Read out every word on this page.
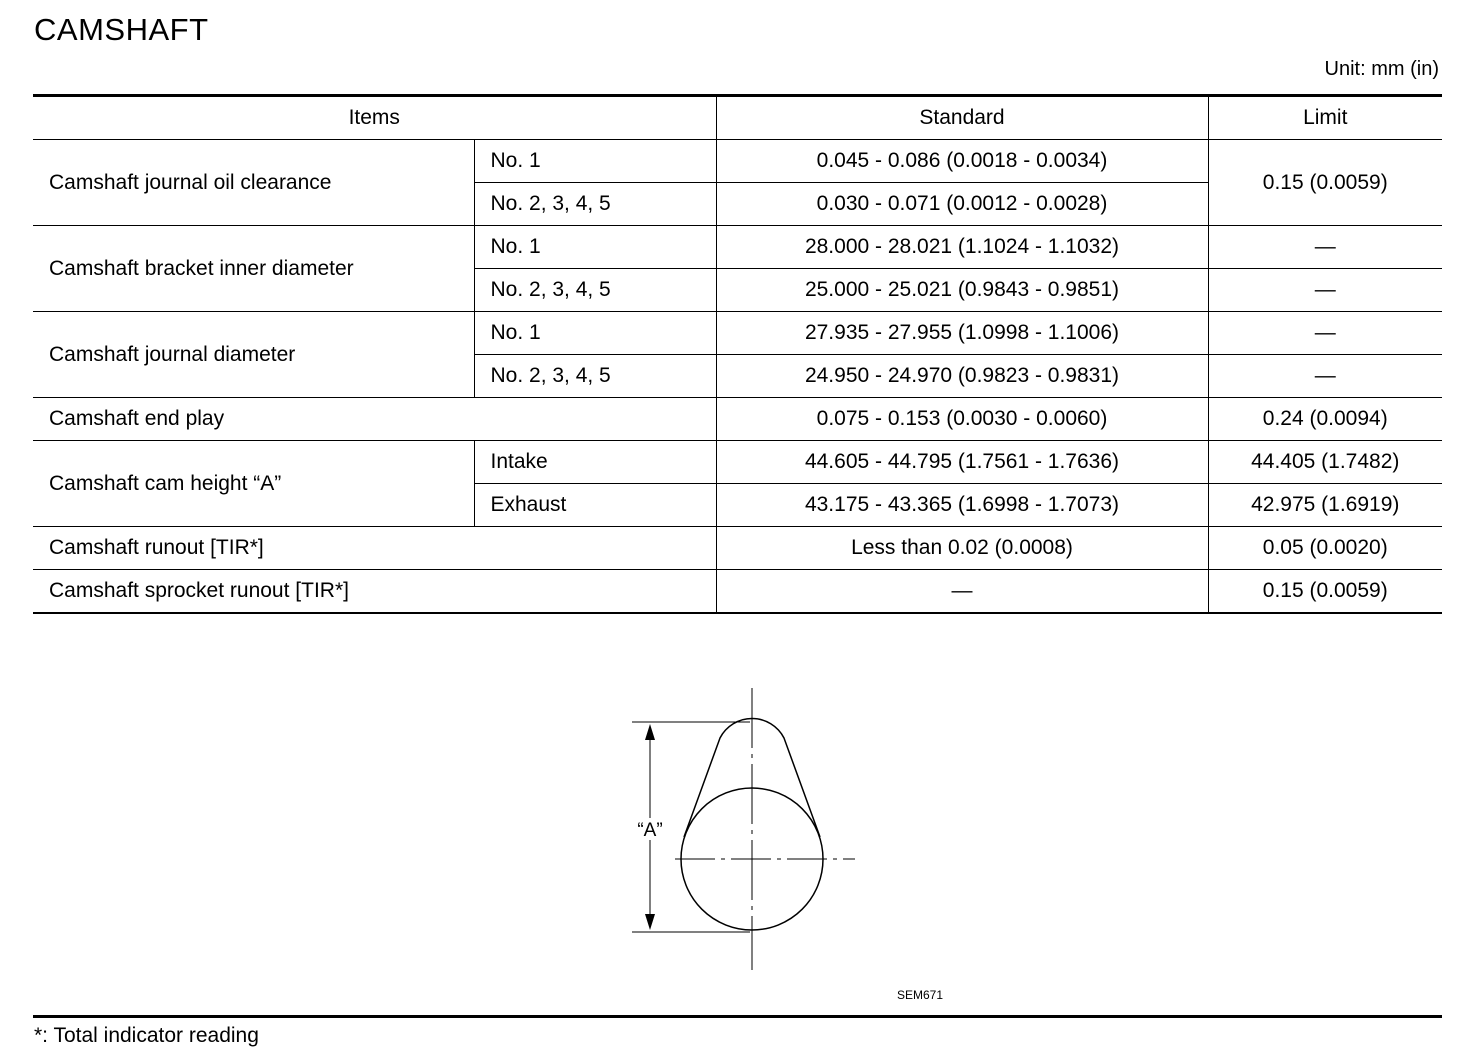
CAMSHAFT
Unit: mm (in)
Items		Standard	Limit
Camshaft journal oil clearance	No. 1	0.045 - 0.086 (0.0018 - 0.0034)	0.15 (0.0059)
	No. 2, 3, 4, 5	0.030 - 0.071 (0.0012 - 0.0028)	
Camshaft bracket inner diameter	No. 1	28.000 - 28.021 (1.1024 - 1.1032)	—
	No. 2, 3, 4, 5	25.000 - 25.021 (0.9843 - 0.9851)	—
Camshaft journal diameter	No. 1	27.935 - 27.955 (1.0998 - 1.1006)	—
	No. 2, 3, 4, 5	24.950 - 24.970 (0.9823 - 0.9831)	—
Camshaft end play		0.075 - 0.153 (0.0030 - 0.0060)	0.24 (0.0094)
Camshaft cam height “A”	Intake	44.605 - 44.795 (1.7561 - 1.7636)	44.405 (1.7482)
	Exhaust	43.175 - 43.365 (1.6998 - 1.7073)	42.975 (1.6919)
Camshaft runout [TIR*]		Less than 0.02 (0.0008)	0.05 (0.0020)
Camshaft sprocket runout [TIR*]		—	0.15 (0.0059)
“A”
SEM671
*: Total indicator reading
